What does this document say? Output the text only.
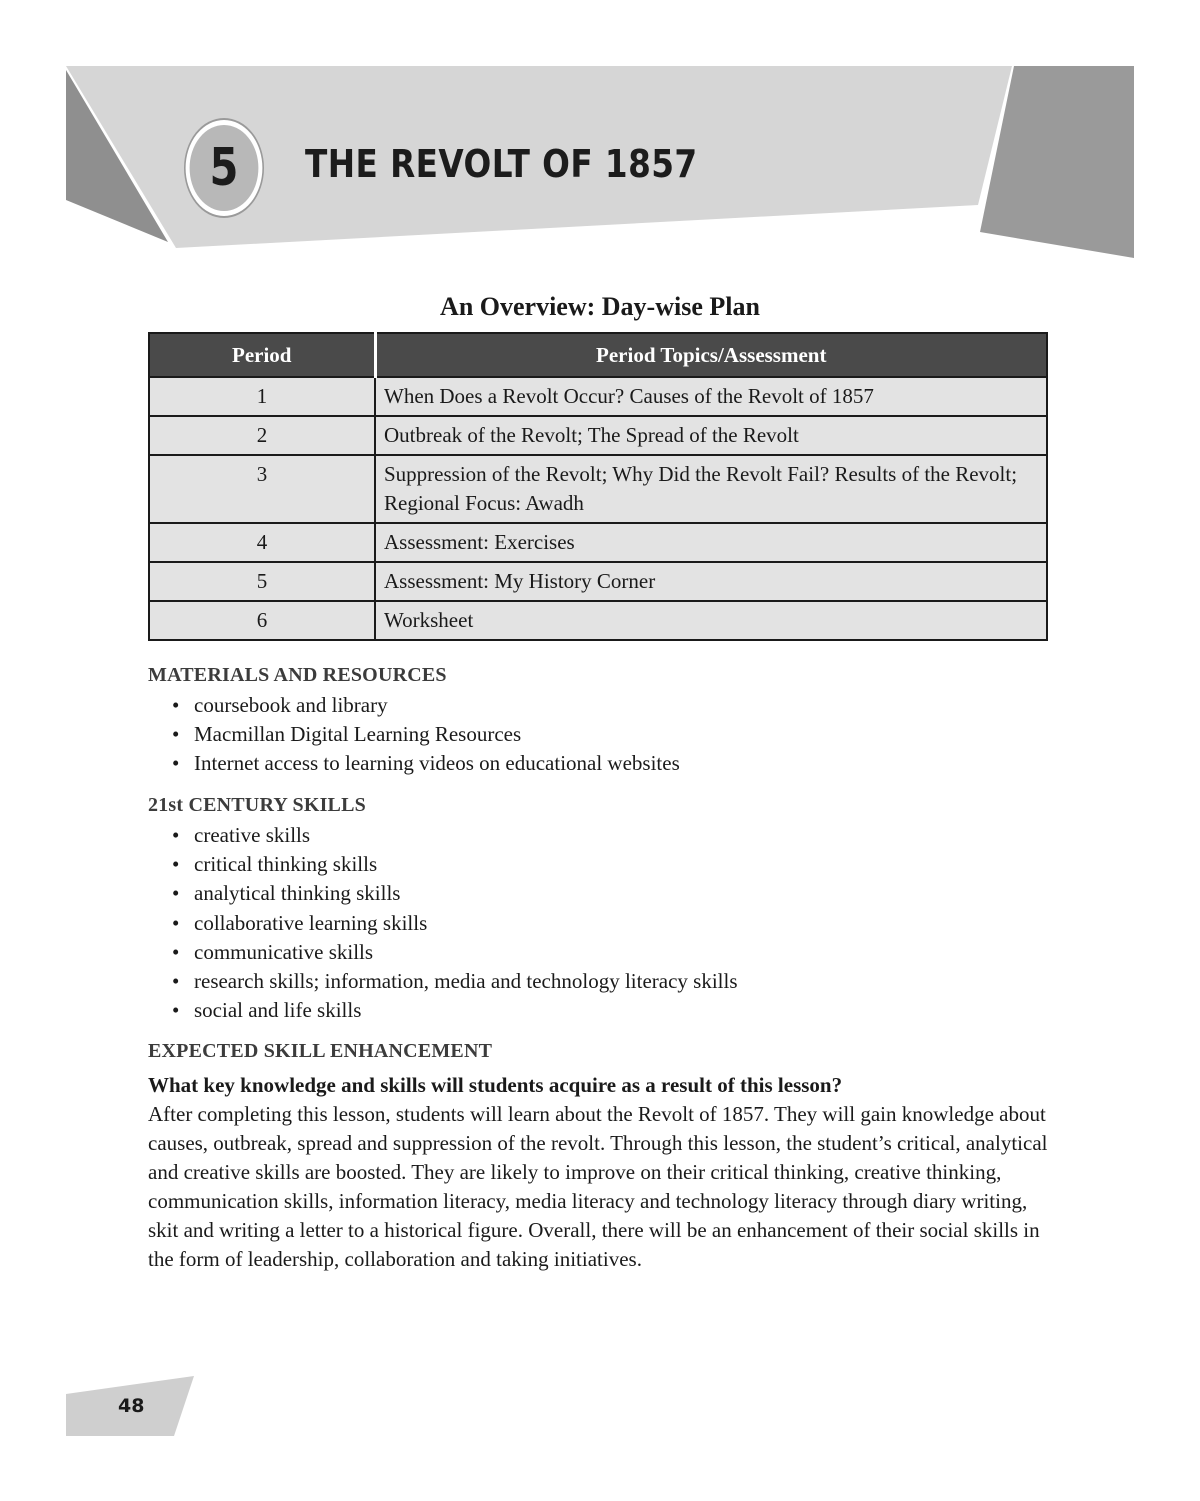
5	THE REVOLT OF 1857
An Overview: Day-wise Plan
Period	Period Topics/Assessment
1	When Does a Revolt Occur? Causes of the Revolt of 1857
2	Outbreak of the Revolt; The Spread of the Revolt
3	Suppression of the Revolt; Why Did the Revolt Fail? Results of the Revolt; Regional Focus: Awadh
4	Assessment: Exercises
5	Assessment: My History Corner
6	Worksheet
MATERIALS AND RESOURCES
• coursebook and library
• Macmillan Digital Learning Resources
• Internet access to learning videos on educational websites
21st CENTURY SKILLS
• creative skills
• critical thinking skills
• analytical thinking skills
• collaborative learning skills
• communicative skills
• research skills; information, media and technology literacy skills
• social and life skills
EXPECTED SKILL ENHANCEMENT
What key knowledge and skills will students acquire as a result of this lesson?

After completing this lesson, students will learn about the Revolt of 1857. They will gain knowledge about causes, outbreak, spread and suppression of the revolt. Through this lesson, the student’s critical, analytical and creative skills are boosted. They are likely to improve on their critical thinking, creative thinking, communication skills, information literacy, media literacy and technology literacy through diary writing, skit and writing a letter to a historical figure. Overall, there will be an enhancement of their social skills in the form of leadership, collaboration and taking initiatives.

48
